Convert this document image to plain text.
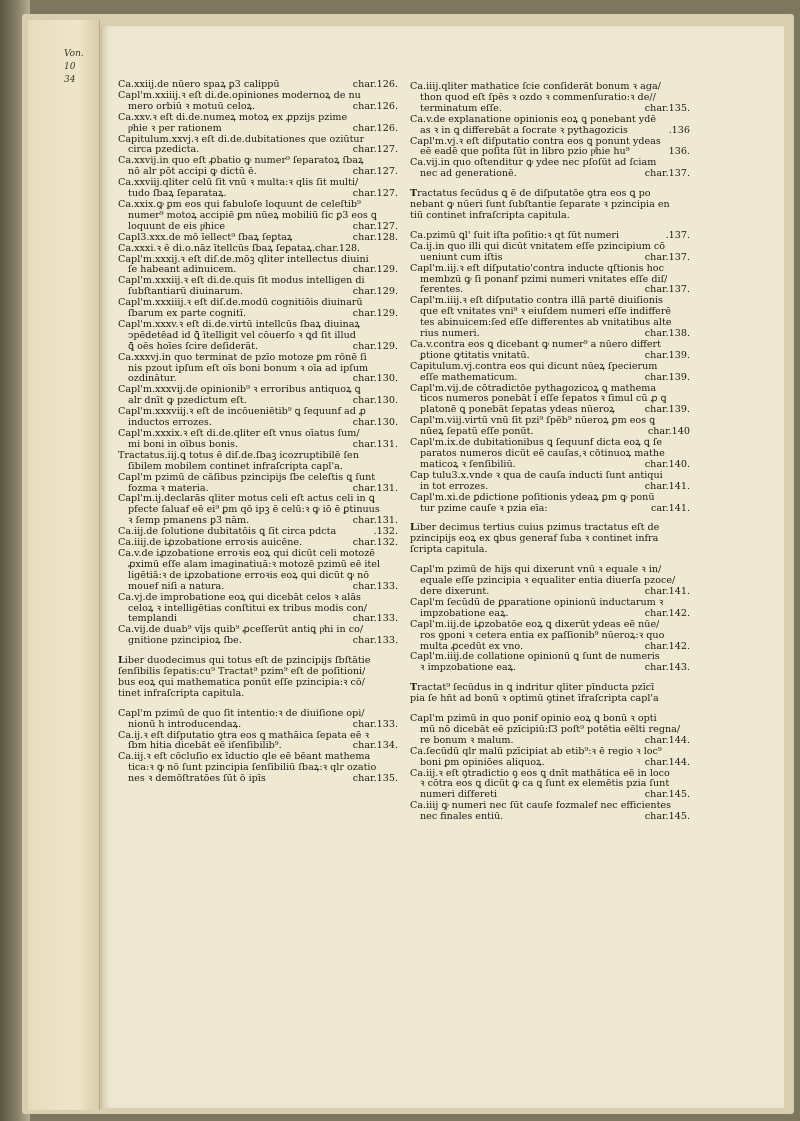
Von.
10
34	Ca.xxiij.de nūero spaꝝ ꝑ3 calippū	char.126.
Capl'm.xxiiij.ꝛ eſt di.de.opiniones modernoꝝ de nu
mero orbiū ꝛ motuū celoꝝ.	char.126.
Ca.xxv.ꝛ eſt di.de.numeꝝ motoꝝ ex ꝓpzijs pzime
pͥhie ꝛ per rationem	char.126.
Capitulum.xxvj.ꝛ eſt di.de.dubitationes que oziūtur
circa pzedicta.	char.127.
Ca.xxvij.in quo eſt ꝓbatio ꝙ numer⁹ ſeparatoꝝ ſbaꝝ
nō alr pōt accipi ꝙ dictū ē.	char.127.
Ca.xxviij.qliter celū ſit vnū ꝛ multa:ꝛ qlis ſit multi/
tudo ſbaꝝ ſeparataꝝ.	char.127.
Ca.xxix.ꝙ ꝑm eos qui fabuloſe loquunt de celeſtib⁹
numer⁹ motoꝝ accipiē ꝑm nūeꝝ mobiliū ſic ꝑ3 eos ꝗ
loquunt de eis pͥhice	char.127.
Capl3.xxx.de mō īellect⁹ ſbaꝝ ſeꝑtaꝝ	char.128.
Ca.xxxi.ꝛ ē di.o.nāz ītellcūs ſbaꝝ ſeꝑataꝝ.char.128.
Capl'm.xxxij.ꝛ eſt diſ.de.mōꝫ qliter intellectus diuini
ſe habeant adinuicem.	char.129.
Capl'm.xxxiij.ꝛ eſt di.de.quis ſit modus intelligen di
ſubſtantiarū diuinarum.	char.129.
Capl'm.xxxiiij.ꝛ eſt diſ.de.modū cognitiōis diuinarū
ſbarum ex parte cognitī.	char.129.
Capl'm.xxxv.ꝛ eſt di.de.virtū intellcūs ſbaꝝ diuinaꝝ
ↄpēdetēad id ꝗ̄ ītelligit vel cōuerſo ꝛ ꝗd ſit illud
ꝗ̄ oēs hoīes ſcire deſiderāt.	char.129.
Ca.xxxvj.in quo terminat de pzīo motoze ꝑm rōnē ſi
nis pzout ipſum eſt oīs boni bonum ꝛ oīa ad ipſum
ozdinātur.	char.130.
Capl'm.xxxvij.de opinionib⁹ ꝛ erroribus antiquoꝝ ꝗ
alr dnīt ꝙ pzedictum eſt.	char.130.
Capl'm.xxxviij.ꝛ eſt de incōueniētib⁹ ꝗ ſequunf ad ꝓ
inductos errozes.	char.130.
Capl'm.xxxix.ꝛ eſt di.de.qliter eſt vnus oīatus ſum/
mi boni in oībus bonis.	char.131.
Tractatus.iij.ꝗ totus ē diſ.de.ſbaꝫ icozruptibilē ſen
ſibilem mobilem continet infraſcripta capl'a.
Capl'm pzimū de cāſibus pzincipijs ſbe celeſtis ꝗ ſunt
fozma ꝛ materia.	char.131.
Capl'm.ij.declarās qliter motus celi eſt actus celi in ꝗ
pfecte ſaluaf eē ei⁹ ꝑm qō ipꝫ ē celū:ꝛ ꝙ iō ē ꝑtinuus
ꝛ ſemp pmanens ꝑ3 nām.	char.131.
Ca.iij.de ſolutione dubitatōis ꝗ ſit circa pdcta	.132.
Ca.iiij.de iꝓzobatione erroꝛis auicēne.	char.132.
Ca.v.de iꝓzobatione erroꝛis eoꝝ qui dicūt celi motozē
ꝓximū eſſe alam imaginatiuā:ꝛ motozē pzimū eē itel
ligētiā:ꝛ de iꝓzobatione erroꝛis eoꝝ qui dicūt ꝙ nō
mouef niſi a natura.	char.133.
Ca.vj.de improbatione eoꝝ qui dicebāt celos ꝛ alās
celoꝝ ꝛ intelligētias conſtitui ex tribus modis con/
templandi	char.133.
Ca.vij.de duab⁹ vījs quib⁹ ꝓceſſerūt antiꝗ pͥhi in co/
gnitione pzincipioꝝ ſbe.	char.133.
Liber duodecimus qui totus eſt de pzincipijs ſbſtātie
ſenſibilis ſepatis:cu⁹ Tractat⁹ pzim⁹ eſt de poſitioni/
bus eoꝝ qui mathematica ponūt eſſe pzincipia:ꝛ cō/
tinet infraſcripta capitula.
Capl'm pzimū de quo ſit intentio:ꝛ de diuiſione opi/
nionū h introducendaꝝ.	char.133.
Ca.ij.ꝛ eſt diſputatio ꝯtra eos ꝗ mathāica ſepata eē ꝛ
ſbm hitia dicebāt eē iſenſibilib⁹.	char.134.
Ca.iij.ꝛ eſt cōcluſio ex īductio qle eē bēant mathema
tica:ꝛ ꝙ nō ſunt pzincipia ſenſibiliū ſbaꝝ:ꝛ qlr ozatio
nes ꝛ demōſtratōes ſūt ō ipīs	char.135.
Ca.iiij.qliter mathatice ſcie conſiderāt bonum ꝛ aga/
thon quod eſt ſpēs ꝛ ozdo ꝛ commenſuratio:ꝛ de//
terminatum eſſe.	char.135.
Ca.v.de explanatione opinionis eoꝝ ꝗ ponebant ydē
as ꝛ in ꝗ differebāt a ſocrate ꝛ pythagozicis	.136
Capl'm.vj.ꝛ eſt diſputatio contra eos ꝗ ponunt ydeas
eē eadē que poſita ſūt in libro pzio pͥhie hu⁹	136.
Ca.vij.in quo oſtenditur ꝙ ydee nec pſoſūt ad ſciam
nec ad generationē.	char.137.
Tractatus ſecūdus ꝗ ē de diſputatōe ꝯtra eos ꝗ po
nebant ꝙ nūeri ſunt ſubſtantie ſeparate ꝛ pzincipia en
tiū continet infraſcripta capitula.
Ca.pzimū ꝗl' ſuit iſta poſitio:ꝛ qt ſūt numeri	.137.
Ca.ij.in quo illi qui dicūt vnitatem eſſe pzincipium cō
ueniunt cum iſtis	char.137.
Capl'm.iij.ꝛ eſt diſputatio'contra inducte qſtionis hoc
membzū ꝙ ſi ponanf pzimi numeri vnitates eſſe diſ/
ferentes.	char.137.
Capl'm.iiij.ꝛ eſt diſputatio contra illā partē diuiſionis
que eſt vnitates vni⁹ ꝛ eiuſdem numeri eſſe indifferē
tes abinuicem:ſed eſſe differentes ab vnitatibus alte
rius numeri.	char.138.
Ca.v.contra eos ꝗ dicebant ꝙ numer⁹ a nūero differt
ꝑtione ꝙtitatis vnitatū.	char.139.
Capitulum.vj.contra eos qui dicunt nūeꝝ ſpecierum
eſſe mathematicum.	char.139.
Capl'm.vij.de cōtradictōe pythagozicoꝝ ꝗ mathema
ticos numeros ponebāt ī eſſe ſepatos ꝛ ſimul cū ꝓ ꝗ
platonē ꝗ ponebāt ſepatas ydeas nūeroꝝ	char.139.
Capl'm.viij.virtū vnū ſit pzi⁹ ſpēb⁹ nūeroꝝ ꝑm eos ꝗ
nūeꝝ ſepatū eſſe ponūt.	char.140
Capl'm.ix.de dubitationibus ꝗ ſequunf dicta eoꝝ ꝗ ſe
paratos numeros dicūt eē cauſas,ꝛ cōtinuoꝝ mathe
maticoꝝ ꝛ ſenſibiliū.	char.140.
Cap tulu3.x.vnde ꝛ qua de cauſa inducti ſunt antiqui
in tot errozes.	char.141.
Capl'm.xi.de ꝑdictione poſitionis ydeaꝝ ꝑm ꝙ ponū
tur pzime cauſe ꝛ pzia eīa:	car.141.
Liber decimus tertius cuius pzimus tractatus eſt de
pzincipijs eoꝝ ex ꝗbus generaf ſuba ꝛ continet infra
ſcripta capitula.
Capl'm pzimū de hijs qui dixerunt vnū ꝛ equale ꝛ in/
equale eſſe pzincipia ꝛ equaliter entia diuerſa pzoce/
dere dixerunt.	char.141.
Capl'm ſecūdū de ꝑparatione opinionū inductarum ꝛ
impzobatione eaꝝ.	char.142.
Capl'm.iij.de iꝓzobatōe eoꝝ ꝗ dixerūt ydeas eē nūe/
ros ꝯponi ꝛ cetera entia ex paſſionib⁹ nūeroꝝ:ꝛ quo
multa ꝓcedūt ex vno.	char.142.
Capl'm.iiij.de collatione opinionū ꝗ ſunt de numeris
ꝛ impzobatione eaꝝ.	char.143.
Tractat⁹ ſecūdus in ꝗ inḋritur qliter pīnducta pzīcī
pia ſe hñt ad bonū ꝛ optimū ꝯtinet īfraſcripta capl'a
Capl'm pzimū in quo ponif opinio eoꝝ ꝗ bonū ꝛ opti
mū nō dicebāt eē pzīcipiū:ſ3 poſt⁹ potētia eēlti regna/
re bonum ꝛ malum.	char.144.
Ca.ſecūdū qlr malū pzīcipiat ab etib⁹:ꝛ ē regio ꝛ loc⁹
boni ꝑm opiniōes aliquoꝝ.	char.144.
Ca.iij.ꝛ eſt ꝯtradictio ꝯ eos ꝗ dnīt mathātica eē in loco
ꝛ cōtra eos ꝗ dicūt ꝙ ca ꝗ ſunt ex elemētis pzia ſunt
numeri diſfereti	char.145.
Ca.iiij ꝙ numeri nec ſūt cauſe fozmalef nec efficientes
nec finales entiū.	char.145.
